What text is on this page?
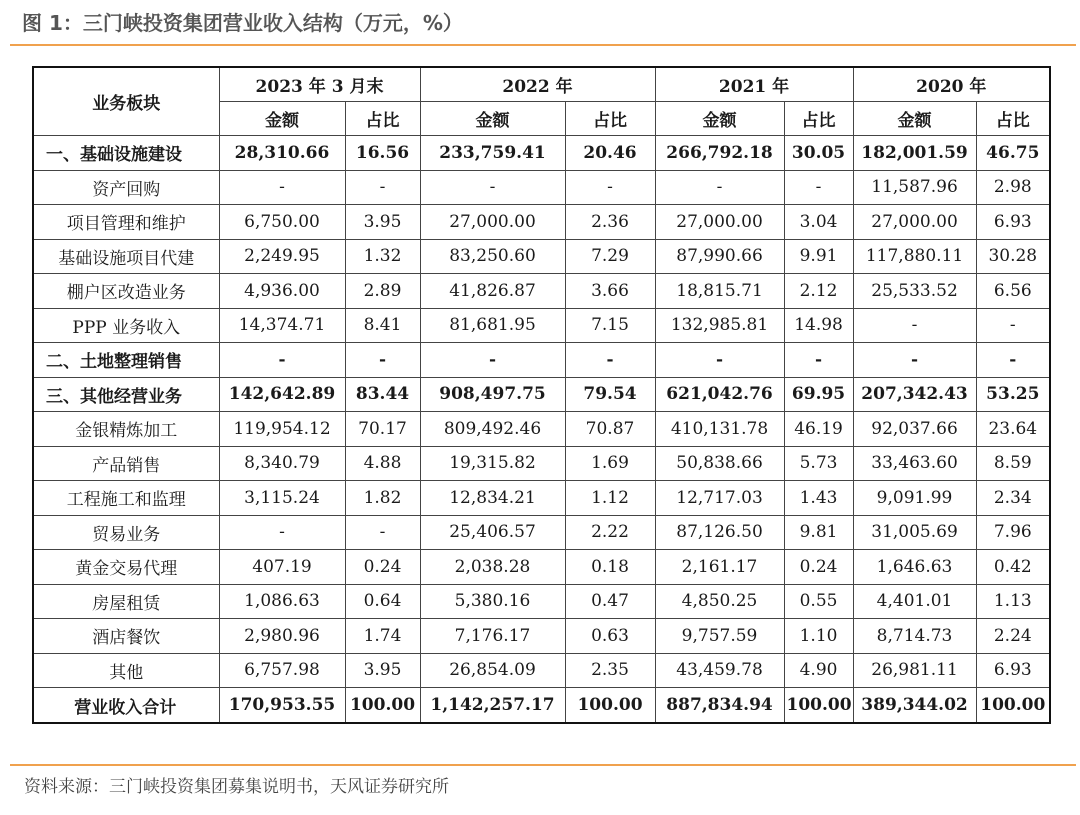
图 1：三门峡投资集团营业收入结构（万元，%）
业务板块	2023 年 3 月末		2022 年		2021 年		2020 年	
	金额	占比	金额	占比	金额	占比	金额	占比
一、基础设施建设	28,310.66	16.56	233,759.41	20.46	266,792.18	30.05	182,001.59	46.75
资产回购	-	-	-	-	-	-	11,587.96	2.98
项目管理和维护	6,750.00	3.95	27,000.00	2.36	27,000.00	3.04	27,000.00	6.93
基础设施项目代建	2,249.95	1.32	83,250.60	7.29	87,990.66	9.91	117,880.11	30.28
棚户区改造业务	4,936.00	2.89	41,826.87	3.66	18,815.71	2.12	25,533.52	6.56
PPP 业务收入	14,374.71	8.41	81,681.95	7.15	132,985.81	14.98	-	-
二、土地整理销售	-	-	-	-	-	-	-	-
三、其他经营业务	142,642.89	83.44	908,497.75	79.54	621,042.76	69.95	207,342.43	53.25
金银精炼加工	119,954.12	70.17	809,492.46	70.87	410,131.78	46.19	92,037.66	23.64
产品销售	8,340.79	4.88	19,315.82	1.69	50,838.66	5.73	33,463.60	8.59
工程施工和监理	3,115.24	1.82	12,834.21	1.12	12,717.03	1.43	9,091.99	2.34
贸易业务	-	-	25,406.57	2.22	87,126.50	9.81	31,005.69	7.96
黄金交易代理	407.19	0.24	2,038.28	0.18	2,161.17	0.24	1,646.63	0.42
房屋租赁	1,086.63	0.64	5,380.16	0.47	4,850.25	0.55	4,401.01	1.13
酒店餐饮	2,980.96	1.74	7,176.17	0.63	9,757.59	1.10	8,714.73	2.24
其他	6,757.98	3.95	26,854.09	2.35	43,459.78	4.90	26,981.11	6.93
营业收入合计	170,953.55	100.00	1,142,257.17	100.00	887,834.94	100.00	389,344.02	100.00
资料来源：三门峡投资集团募集说明书，天风证券研究所
